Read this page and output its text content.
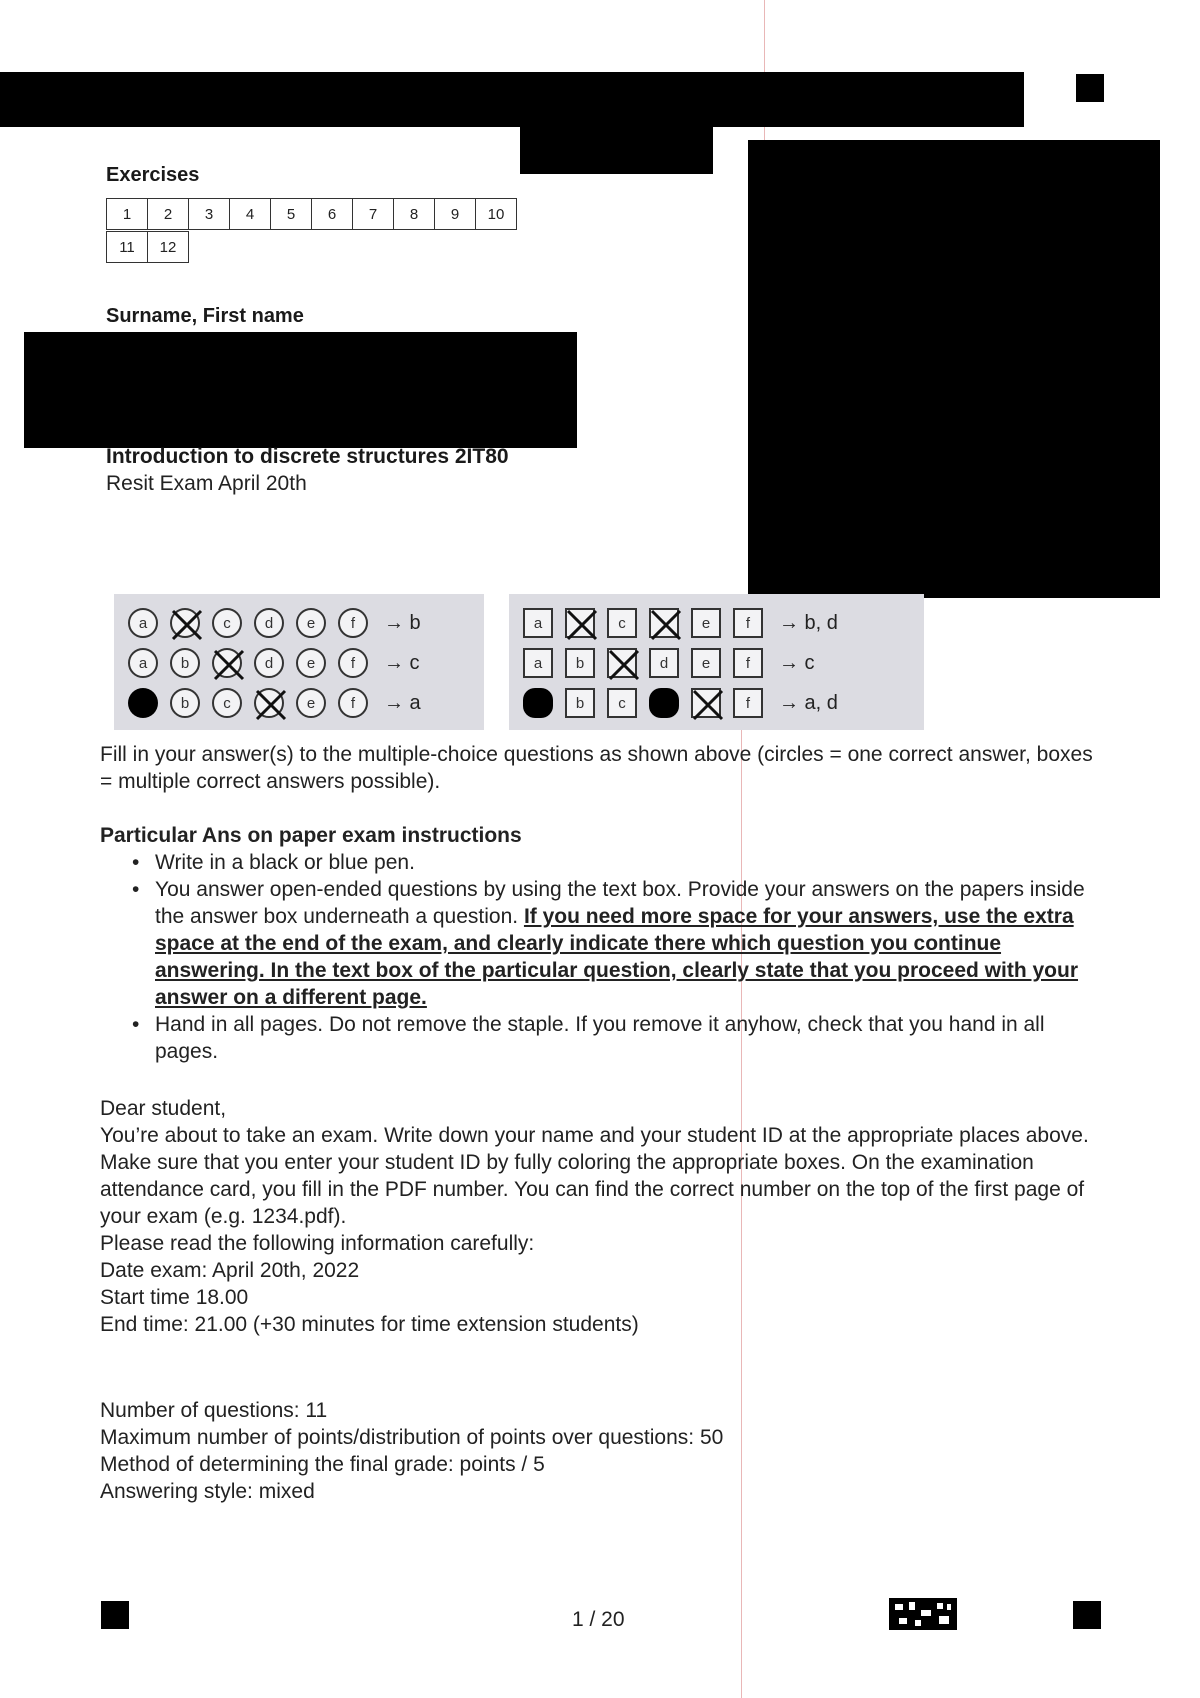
Exercises
1	2	3	4	5	6	7	8	9	10
11	12
Surname, First name
Introduction to discrete structures 2IT80
Resit Exam April 20th
a	c d e f → b
a b	d e f → c
b c	e f → a
a	c	e f → b, d
a b	d e f → c
b c	f → a, d
Fill in your answer(s) to the multiple-choice questions as shown above (circles = one correct answer, boxes = multiple correct answers possible).
Particular Ans on paper exam instructions
• Write in a black or blue pen.
• You answer open-ended questions by using the text box. Provide your answers on the papers inside the answer box underneath a question. If you need more space for your answers, use the extra space at the end of the exam, and clearly indicate there which question you continue answering. In the text box of the particular question, clearly state that you proceed with your answer on a different page.
• Hand in all pages. Do not remove the staple. If you remove it anyhow, check that you hand in all pages.
Dear student,
You’re about to take an exam. Write down your name and your student ID at the appropriate places above. Make sure that you enter your student ID by fully coloring the appropriate boxes. On the examination attendance card, you fill in the PDF number. You can find the correct number on the top of the first page of your exam (e.g. 1234.pdf).
Please read the following information carefully:
Date exam: April 20th, 2022
Start time 18.00
End time: 21.00 (+30 minutes for time extension students)
Number of questions: 11
Maximum number of points/distribution of points over questions: 50
Method of determining the final grade: points / 5
Answering style: mixed
1 / 20
